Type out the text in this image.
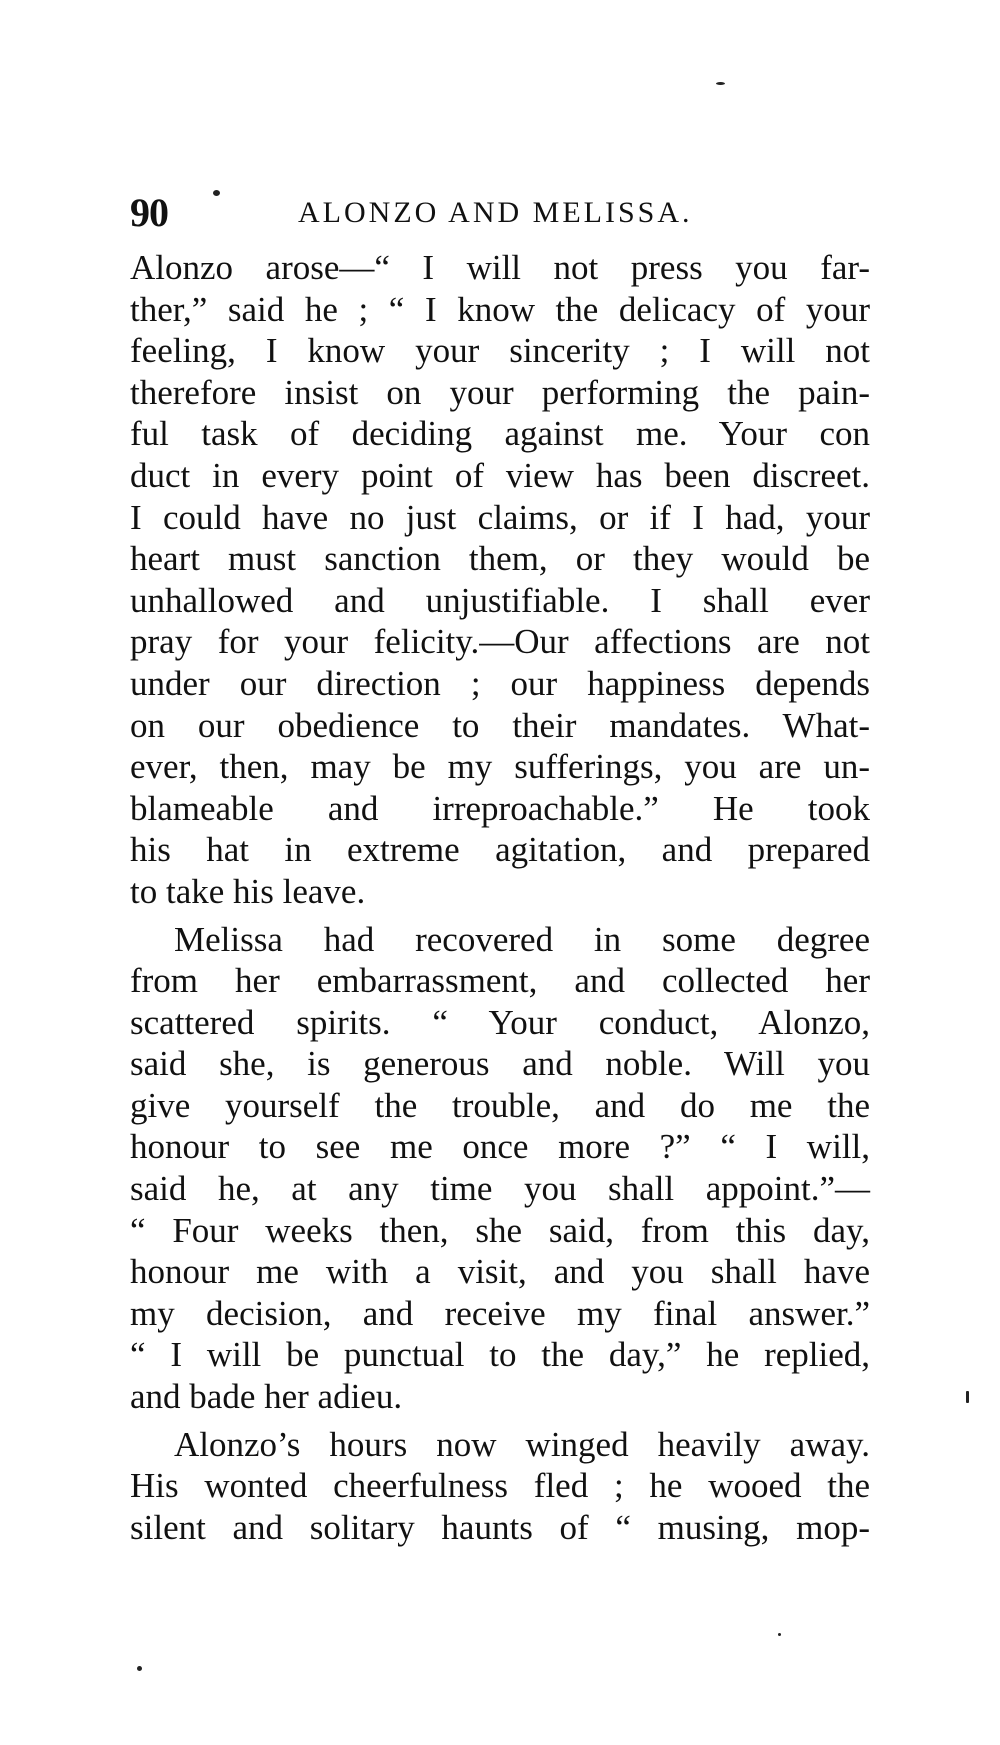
90	ALONZO AND MELISSA.
Alonzo arose—“ I will not press you far-
ther,” said he ; “ I know the delicacy of your
feeling, I know your sincerity ; I will not
therefore insist on your performing the pain-
ful task of deciding against me. Your con
duct in every point of view has been discreet.
I could have no just claims, or if I had, your
heart must sanction them, or they would be
unhallowed and unjustifiable. I shall ever
pray for your felicity.—Our affections are not
under our direction ; our happiness depends
on our obedience to their mandates. What-
ever, then, may be my sufferings, you are un-
blameable and irreproachable.” He took
his hat in extreme agitation, and prepared
to take his leave.
Melissa had recovered in some degree
from her embarrassment, and collected her
scattered spirits. “ Your conduct, Alonzo,
said she, is generous and noble. Will you
give yourself the trouble, and do me the
honour to see me once more ?” “ I will,
said he, at any time you shall appoint.”—
“ Four weeks then, she said, from this day,
honour me with a visit, and you shall have
my decision, and receive my final answer.”
“ I will be punctual to the day,” he replied,
and bade her adieu.
Alonzo’s hours now winged heavily away.
His wonted cheerfulness fled ; he wooed the
silent and solitary haunts of “ musing, mop-
